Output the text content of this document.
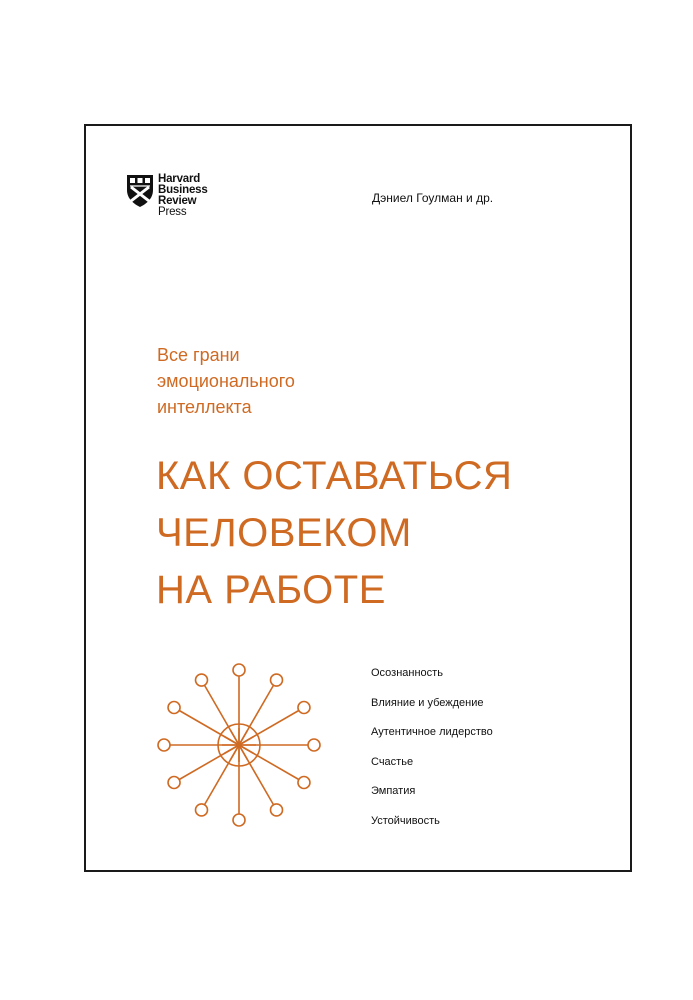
Harvard
Business
Review
Press
Дэниел Гоулман и др.
Все грани
эмоционального
интеллекта
КАК ОСТАВАТЬСЯ
ЧЕЛОВЕКОМ
НА РАБОТЕ
Осознанность
Влияние и убеждение
Аутентичное лидерство
Счастье
Эмпатия
Устойчивость
